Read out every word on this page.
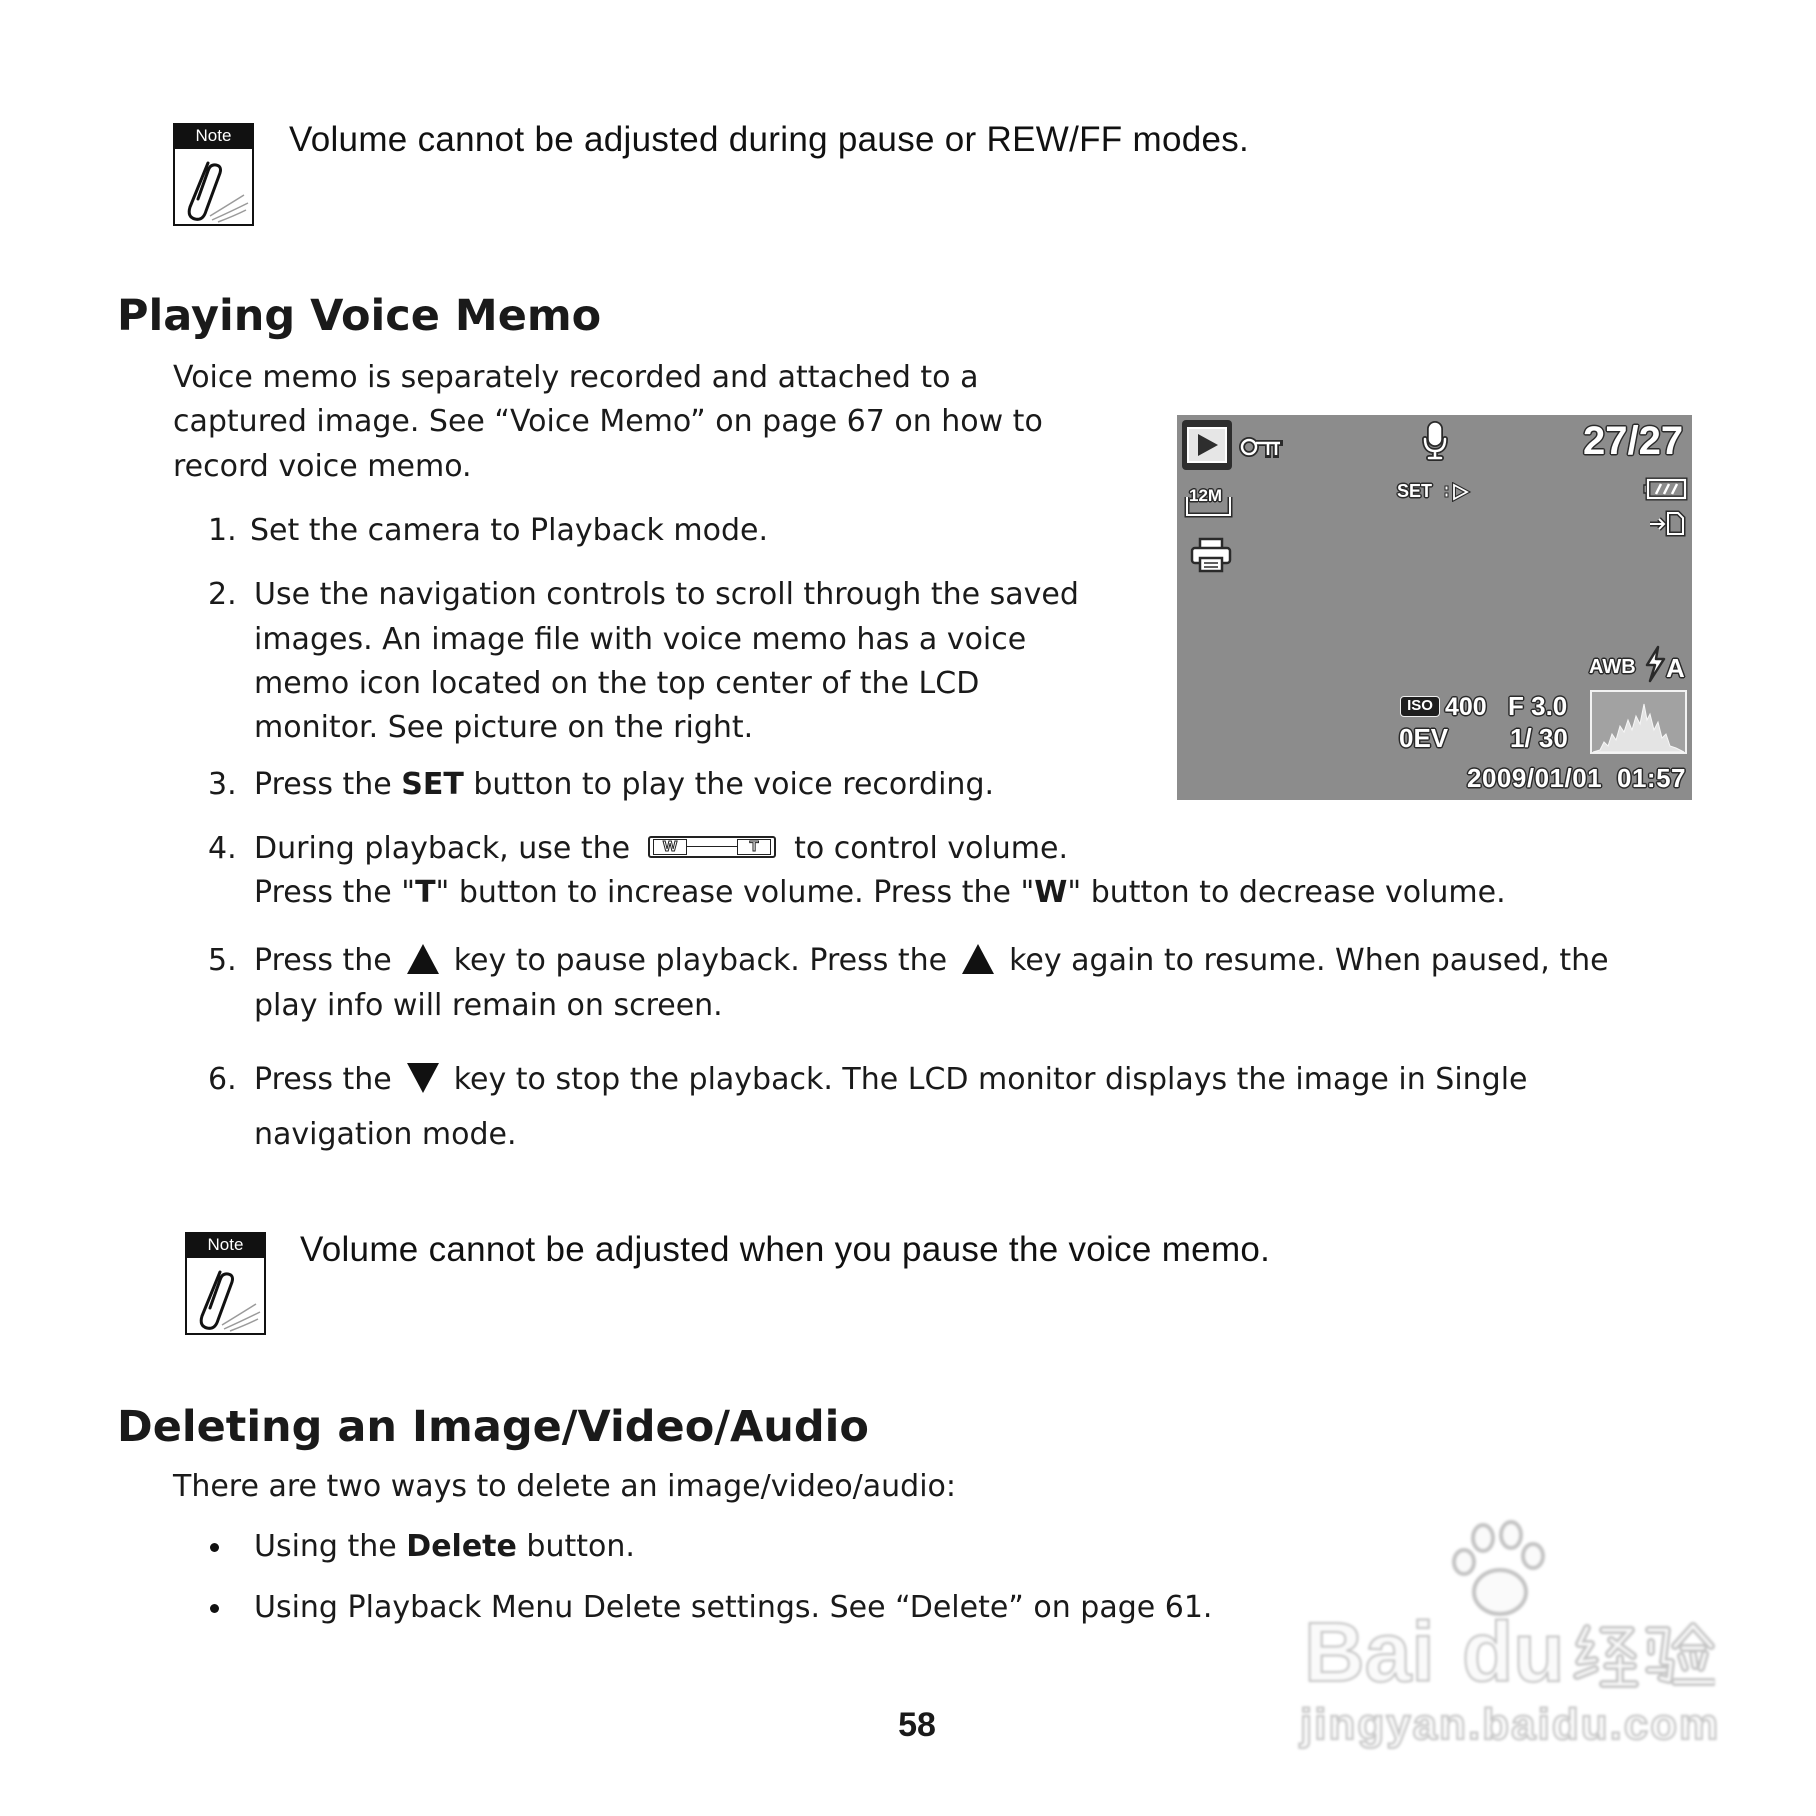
Note	Volume cannot be adjusted during pause or REW/FF modes.
Playing Voice Memo
Voice memo is separately recorded and attached to a
captured image. See “Voice Memo” on page 67 on how to
record voice memo.
1. Set the camera to Playback mode.
2. Use the navigation controls to scroll through the saved
images. An image file with voice memo has a voice
memo icon located on the top center of the LCD
monitor. See picture on the right.
3. Press the SET button to play the voice recording.
4. During playback, use the	W	T	to control volume.
Press the "T" button to increase volume. Press the "W" button to decrease volume.
5. Press the key to pause playback. Press the key again to resume. When paused, the
play info will remain on screen.
6. Press the key to stop the playback. The LCD monitor displays the image in Single
navigation mode.
27/27
12M	SET
AWB A
ISO 400 F 3.0
0EV 1/ 30
2009/01/01 01:57
Note	Volume cannot be adjusted when you pause the voice memo.
Deleting an Image/Video/Audio
There are two ways to delete an image/video/audio:
Using the Delete button.
Using Playback Menu Delete settings. See “Delete” on page 61.
58
Bai du
jingyan.baidu.com
